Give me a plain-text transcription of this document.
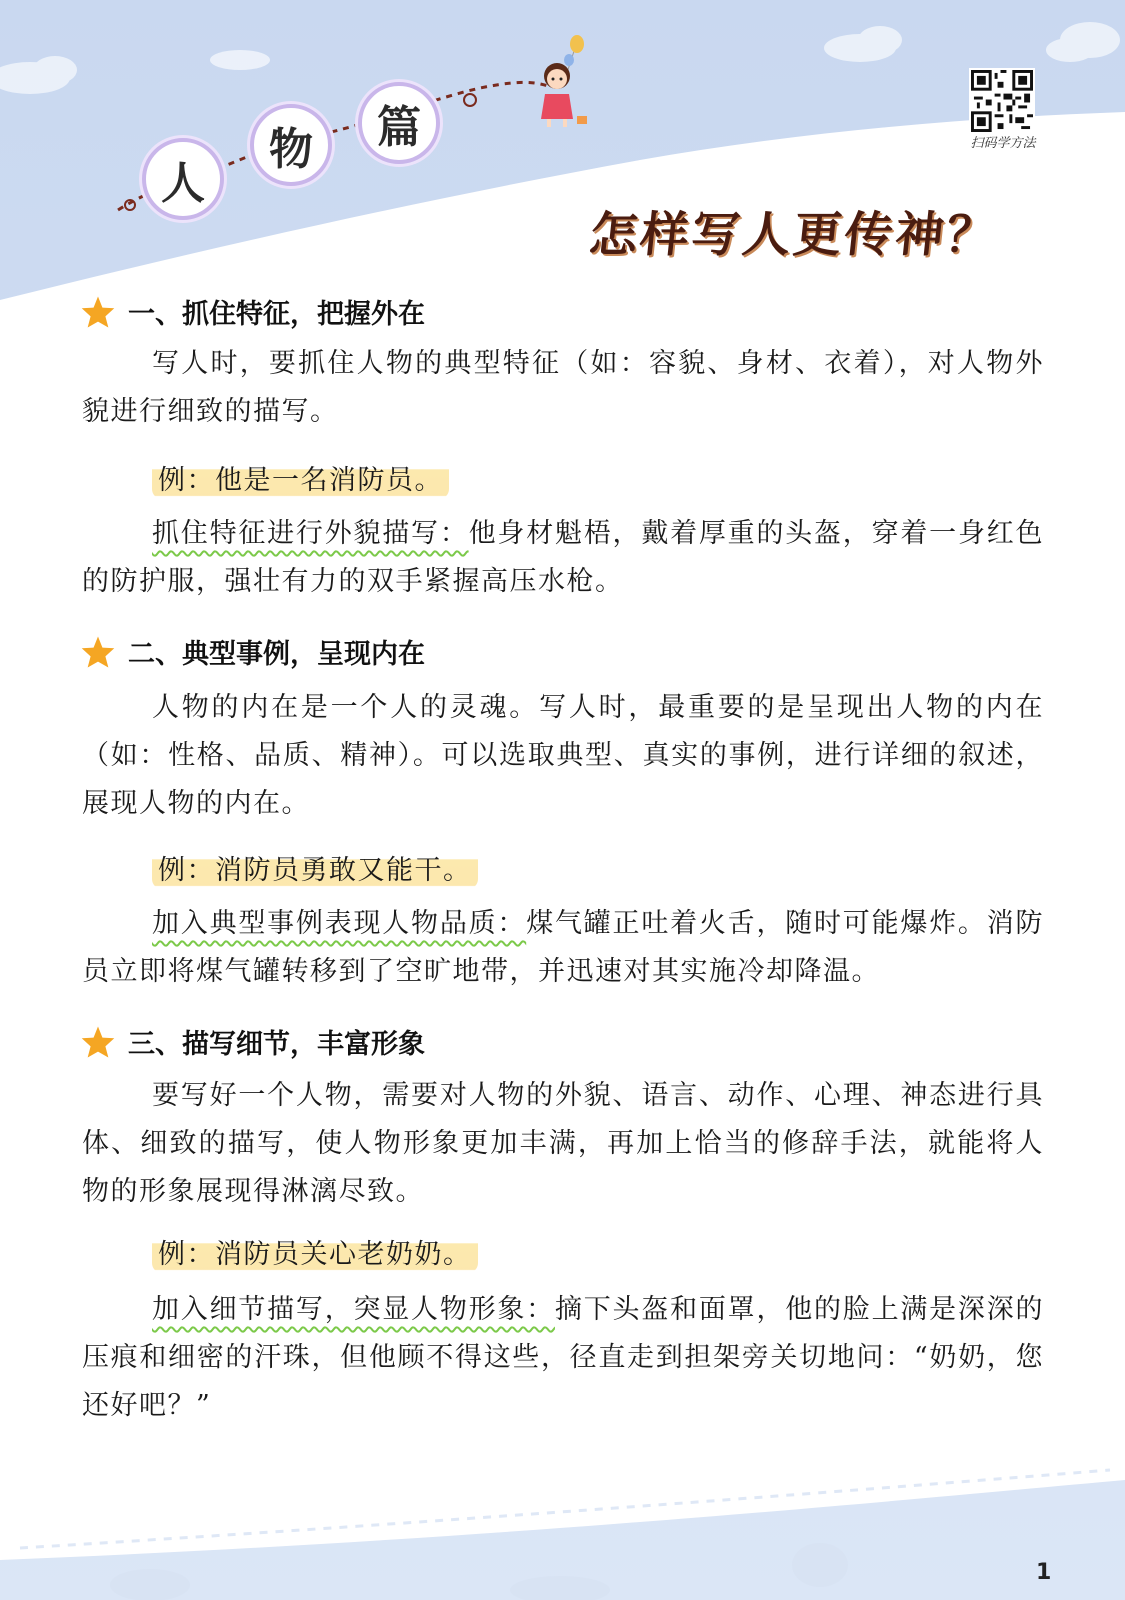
人
物	篇	扫码学方法
怎样写人更传神？
一、抓住特征，把握外在
写人时，要抓住人物的典型特征（如：容貌、身材、衣着），对人物外貌进行细致的描写。
例：他是一名消防员。
抓住特征进行外貌描写：他身材魁梧，戴着厚重的头盔，穿着一身红色的防护服，强壮有力的双手紧握高压水枪。
二、典型事例，呈现内在
人物的内在是一个人的灵魂。写人时，最重要的是呈现出人物的内在（如：性格、品质、精神）。可以选取典型、真实的事例，进行详细的叙述，展现人物的内在。
例：消防员勇敢又能干。
加入典型事例表现人物品质：煤气罐正吐着火舌，随时可能爆炸。消防员立即将煤气罐转移到了空旷地带，并迅速对其实施冷却降温。
三、描写细节，丰富形象
要写好一个人物，需要对人物的外貌、语言、动作、心理、神态进行具体、细致的描写，使人物形象更加丰满，再加上恰当的修辞手法，就能将人物的形象展现得淋漓尽致。
例：消防员关心老奶奶。
加入细节描写，突显人物形象：摘下头盔和面罩，他的脸上满是深深的压痕和细密的汗珠，但他顾不得这些，径直走到担架旁关切地问：“奶奶，您还好吧？”
1
